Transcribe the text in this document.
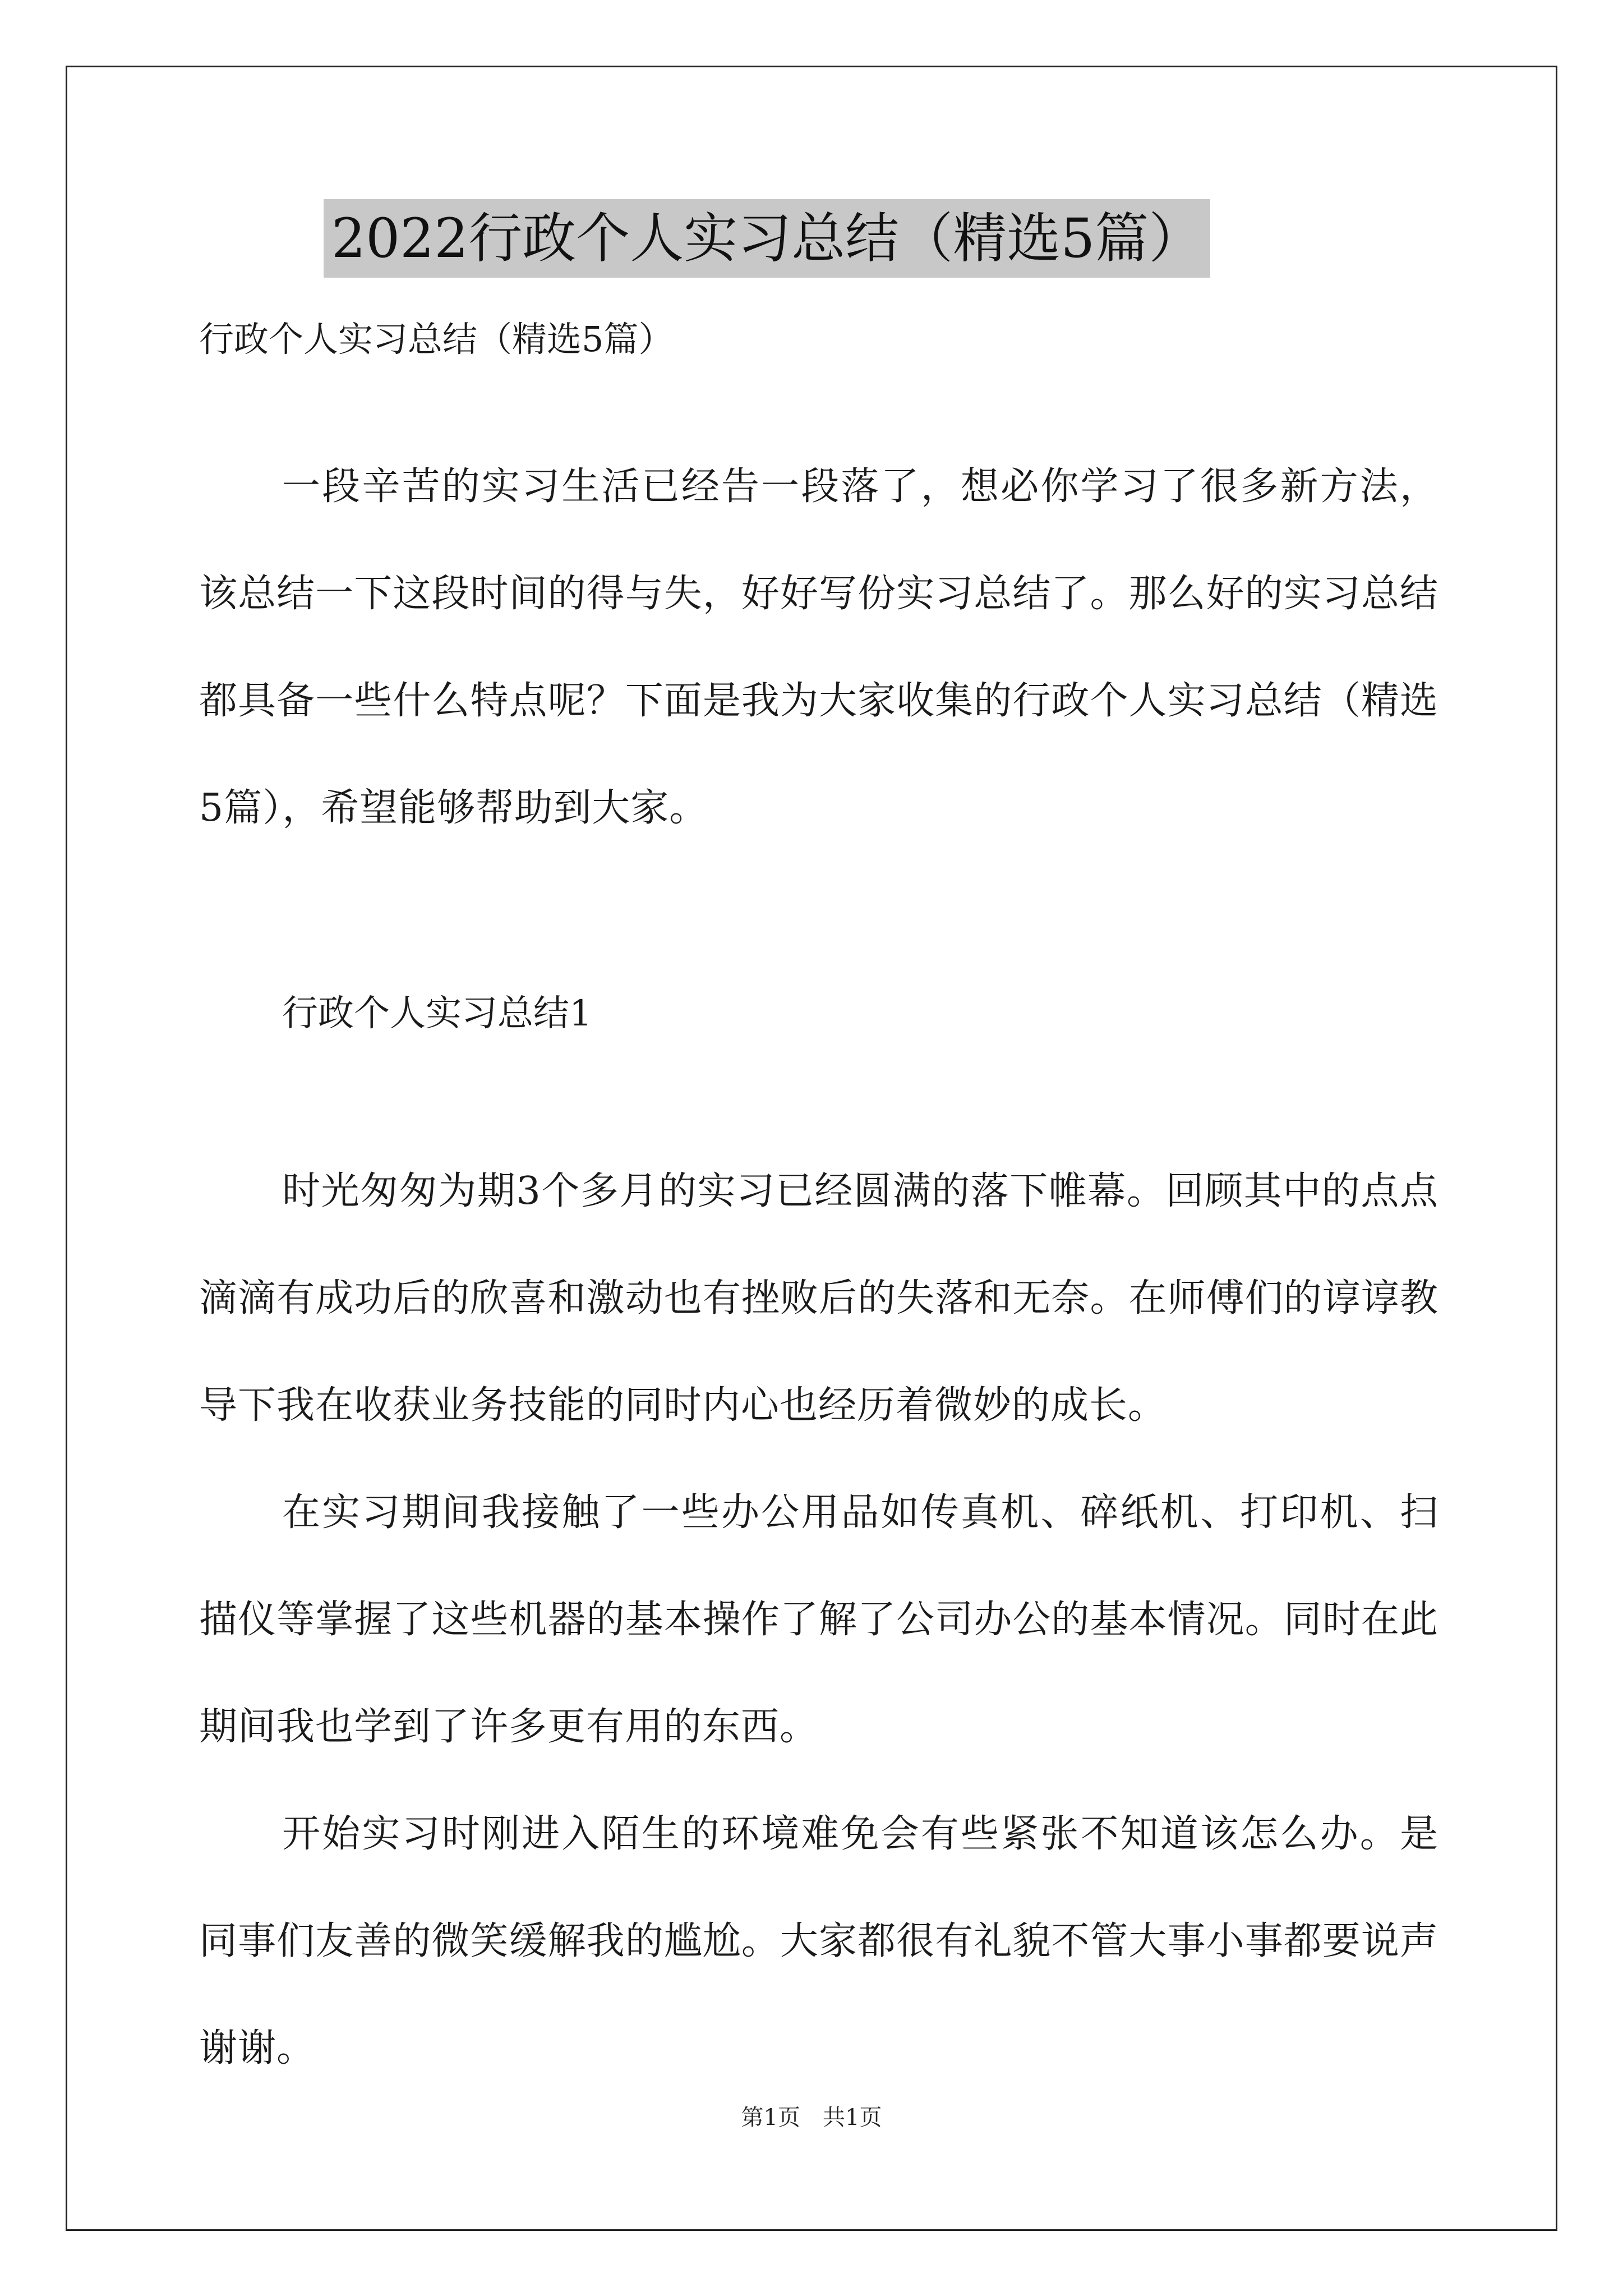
2022行政个人实习总结（精选5篇）
行政个人实习总结（精选5篇）

一段辛苦的实习生活已经告一段落了，想必你学习了很多新方法，该总结一下这段时间的得与失，好好写份实习总结了。那么好的实习总结都具备一些什么特点呢？下面是我为大家收集的行政个人实习总结（精选5篇），希望能够帮助到大家。

行政个人实习总结1

时光匆匆为期3个多月的实习已经圆满的落下帷幕。回顾其中的点点滴滴有成功后的欣喜和激动也有挫败后的失落和无奈。在师傅们的谆谆教导下我在收获业务技能的同时内心也经历着微妙的成长。

在实习期间我接触了一些办公用品如传真机、碎纸机、打印机、扫描仪等掌握了这些机器的基本操作了解了公司办公的基本情况。同时在此期间我也学到了许多更有用的东西。

开始实习时刚进入陌生的环境难免会有些紧张不知道该怎么办。是同事们友善的微笑缓解我的尴尬。大家都很有礼貌不管大事小事都要说声谢谢。

第1页　共1页
